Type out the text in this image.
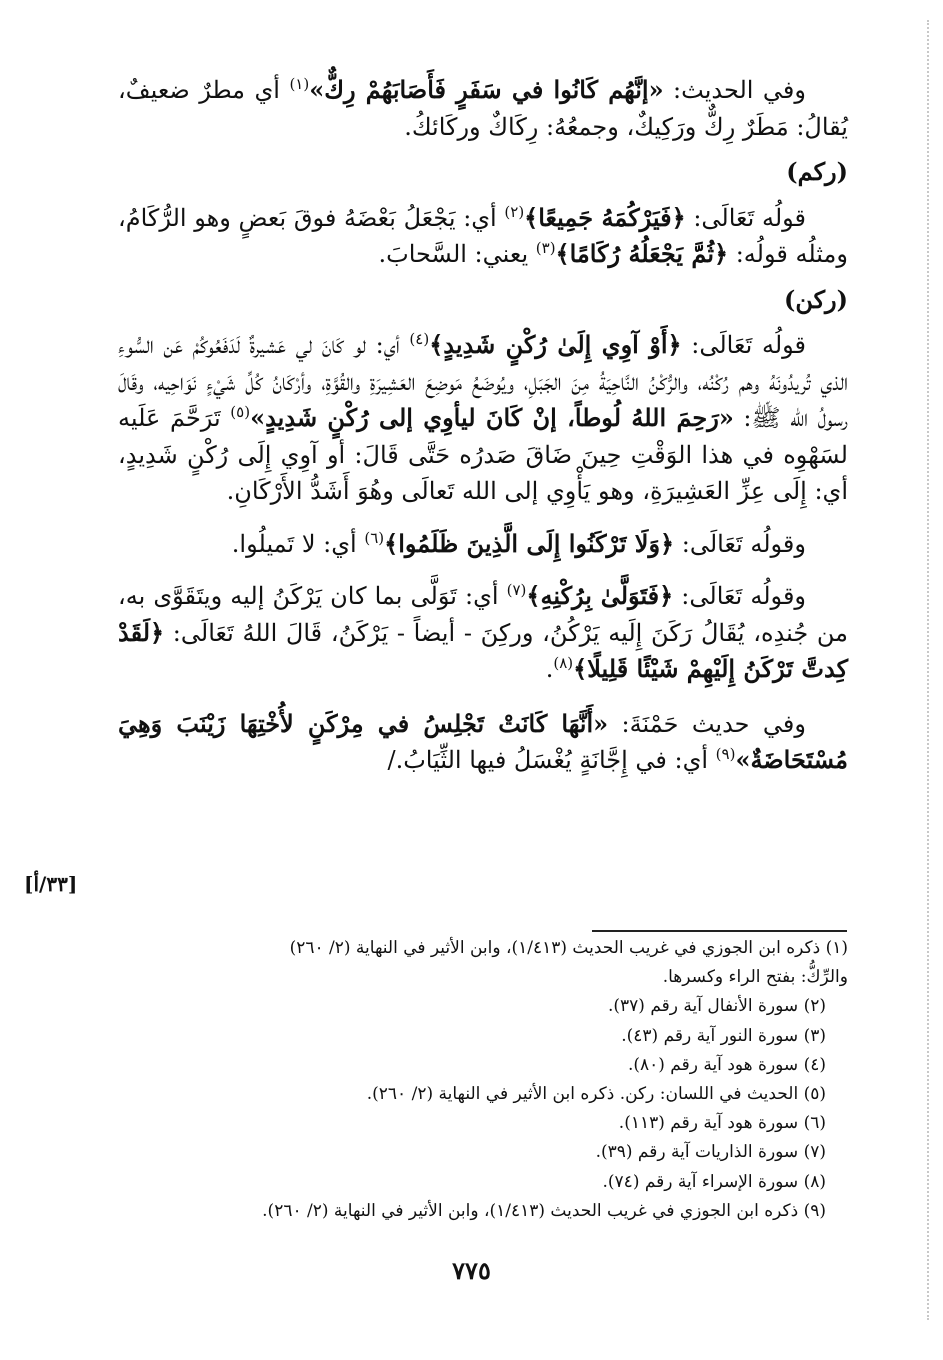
وفي الحديث: «إنَّهُم كَانُوا في سَفَرٍ فَأَصَابَهُمْ رِكٌّ»$^{(١)}$ أي مطرٌ ضعيفٌ، يُقالُ: مَطَرٌ رِكٌّ ورَكِيكٌ، وجمعُهُ: رِكَاكٌ وركَائكُ.

(ركم)

قولُه تَعَالَى: ﴿فَيَرْكُمَهُ جَمِيعًا﴾$^{(٢)}$ أي: يَجْعَلُ بَعْضَهُ فوقَ بَعضٍ وهو الرُّكَامُ، ومثلُه قولُه: ﴿ثُمَّ يَجْعَلُهُ رُكَامًا﴾$^{(٣)}$ يعني: السَّحابَ.

(ركن)

قولُه تَعَالَى: ﴿أَوْ آوِي إِلَىٰ رُكْنٍ شَدِيدٍ﴾$^{(٤)}$ أي: لو كَانَ لي عَشيرةٌ لَدَفَعُوكُمْ عَن السُّوءِ الذي تُريدُونَهُ وهم رُكْنُه، والرُّكْنُ النَّاحِيَةُ مِنَ الجَبَلِ، ويُوضَعُ مَوضِعَ العَشِيرَةِ والقُوَّةِ، وأرْكَانُ كُلِّ شَيْءٍ نَوَاحِيه، وقَالَ رسولُ الله ﷺ: «رَحِمَ اللهُ لُوطاً، إنْ كَانَ ليأوِي إلى رُكْنٍ شَدِيدٍ»$^{(٥)}$ تَرَحَّمَ عَلَيه لسَهْوِه في هذا الوَقْتِ حِينَ ضَاقَ صَدرُه حَتَّى قَالَ: أو آوِي إِلَى رُكْنٍ شَدِيدٍ، أي: إِلَى عِزِّ العَشِيرَةِ، وهو يَأْوِي إلى الله تَعالَى وهُوَ أَشَدُّ الأَرْكَانِ.

وقولُه تَعَالَى: ﴿وَلَا تَرْكَنُوا إِلَى الَّذِينَ ظَلَمُوا﴾$^{(٦)}$ أي: لا تَميلُوا.

وقولُه تَعَالَى: ﴿فَتَوَلَّىٰ بِرُكْنِهِ﴾$^{(٧)}$ أي: تَوَلَّى بما كان يَرْكَنُ إليه ويتَقَوَّى به، من جُندِه، يُقَالُ رَكَنَ إِلَيه يَرْكُنُ، وركِنَ - أيضاً - يَرْكَنُ، قَالَ اللهُ تَعَالَى: ﴿لَقَدْ كِدتَّ تَرْكَنُ إِلَيْهِمْ شَيْئًا قَلِيلًا﴾$^{(٨)}$.

وفي حديث حَمْنَةَ: «أَنَّهَا كَانَتْ تَجْلِسُ في مِرْكَنٍ لأُخْتِهَا زَيْنَبَ وَهِيَ مُسْتَحَاضَةٌ»$^{(٩)}$ أي: في إِجَّانَةٍ يُغْسَلُ فيها الثِّيَابُ./

[٣٣/أ]

(١) ذكره ابن الجوزي في غريب الحديث (١/٤١٣)، وابن الأثير في النهاية (٢/ ٢٦٠)

والرِّكُّ: بفتح الراء وكسرها.

(٢) سورة الأنفال آية رقم (٣٧).

(٣) سورة النور آية رقم (٤٣).

(٤) سورة هود آية رقم (٨٠).

(٥) الحديث في اللسان: ركن. ذكره ابن الأثير في النهاية (٢/ ٢٦٠).

(٦) سورة هود آية رقم (١١٣).

(٧) سورة الذاريات آية رقم (٣٩).

(٨) سورة الإسراء آية رقم (٧٤).

(٩) ذكره ابن الجوزي في غريب الحديث (١/٤١٣)، وابن الأثير في النهاية (٢/ ٢٦٠).

٧٧٥
